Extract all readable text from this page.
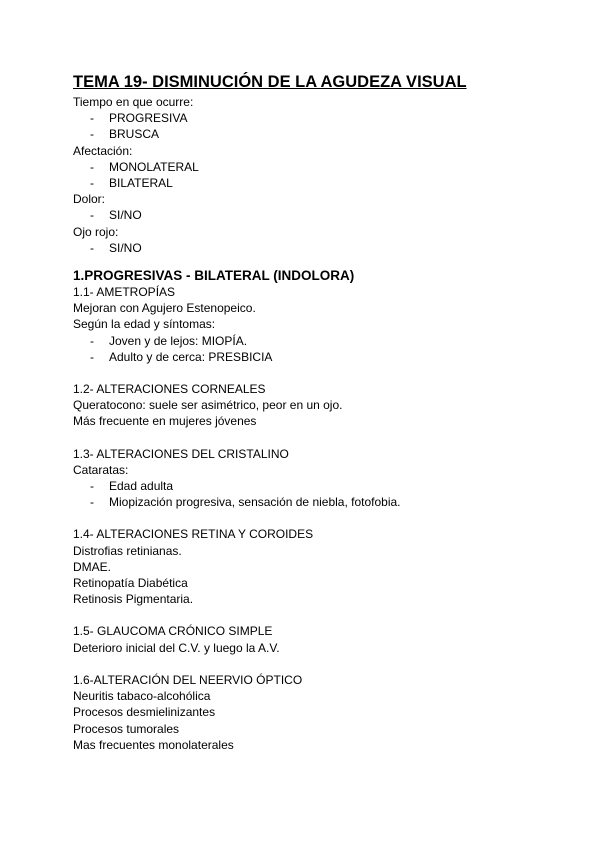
TEMA 19- DISMINUCIÓN DE LA AGUDEZA VISUAL
Tiempo en que ocurre:
- PROGRESIVA
- BRUSCA
Afectación:
- MONOLATERAL
- BILATERAL
Dolor:
- SI/NO
Ojo rojo:
- SI/NO
1.PROGRESIVAS - BILATERAL (INDOLORA)
1.1- AMETROPÍAS
Mejoran con Agujero Estenopeico.
Según la edad y síntomas:
- Joven y de lejos: MIOPÍA.
- Adulto y de cerca: PRESBICIA
1.2- ALTERACIONES CORNEALES
Queratocono: suele ser asimétrico, peor en un ojo.
Más frecuente en mujeres jóvenes
1.3- ALTERACIONES DEL CRISTALINO
Cataratas:
- Edad adulta
- Miopización progresiva, sensación de niebla, fotofobia.
1.4- ALTERACIONES RETINA Y COROIDES
Distrofias retinianas.
DMAE.
Retinopatía Diabética
Retinosis Pigmentaria.
1.5- GLAUCOMA CRÓNICO SIMPLE
Deterioro inicial del C.V. y luego la A.V.
1.6-ALTERACIÓN DEL NEERVIO ÓPTICO
Neuritis tabaco-alcohólica
Procesos desmielinizantes
Procesos tumorales
Mas frecuentes monolaterales
